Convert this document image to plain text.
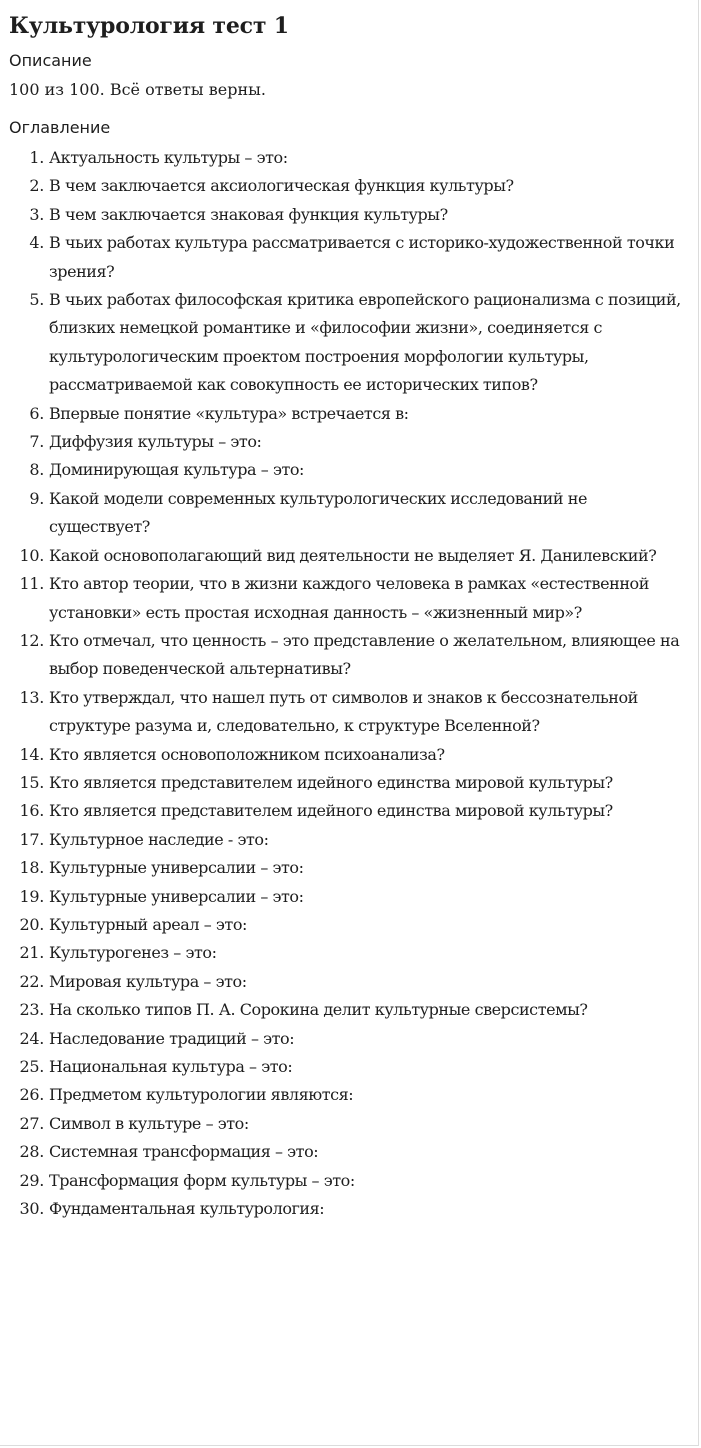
Культурология тест 1
Описание
100 из 100. Всё ответы верны.
Оглавление
1. Актуальность культуры – это:
2. В чем заключается аксиологическая функция культуры?
3. В чем заключается знаковая функция культуры?
4. В чьих работах культура рассматривается с историко-художественной точки зрения?
5. В чьих работах философская критика европейского рационализма с позиций, близких немецкой романтике и «философии жизни», соединяется с культурологическим проектом построения морфологии культуры, рассматриваемой как совокупность ее исторических типов?
6. Впервые понятие «культура» встречается в:
7. Диффузия культуры – это:
8. Доминирующая культура – это:
9. Какой модели современных культурологических исследований не существует?
10. Какой основополагающий вид деятельности не выделяет Я. Данилевский?
11. Кто автор теории, что в жизни каждого человека в рамках «естественной установки» есть простая исходная данность – «жизненный мир»?
12. Кто отмечал, что ценность – это представление о желательном, влияющее на выбор поведенческой альтернативы?
13. Кто утверждал, что нашел путь от символов и знаков к бессознательной структуре разума и, следовательно, к структуре Вселенной?
14. Кто является основоположником психоанализа?
15. Кто является представителем идейного единства мировой культуры?
16. Кто является представителем идейного единства мировой культуры?
17. Культурное наследие - это:
18. Культурные универсалии – это:
19. Культурные универсалии – это:
20. Культурный ареал – это:
21. Культурогенез – это:
22. Мировая культура – это:
23. На сколько типов П. А. Сорокина делит культурные сверсистемы?
24. Наследование традиций – это:
25. Национальная культура – это:
26. Предметом культурологии являются:
27. Символ в культуре – это:
28. Системная трансформация – это:
29. Трансформация форм культуры – это:
30. Фундаментальная культурология:
